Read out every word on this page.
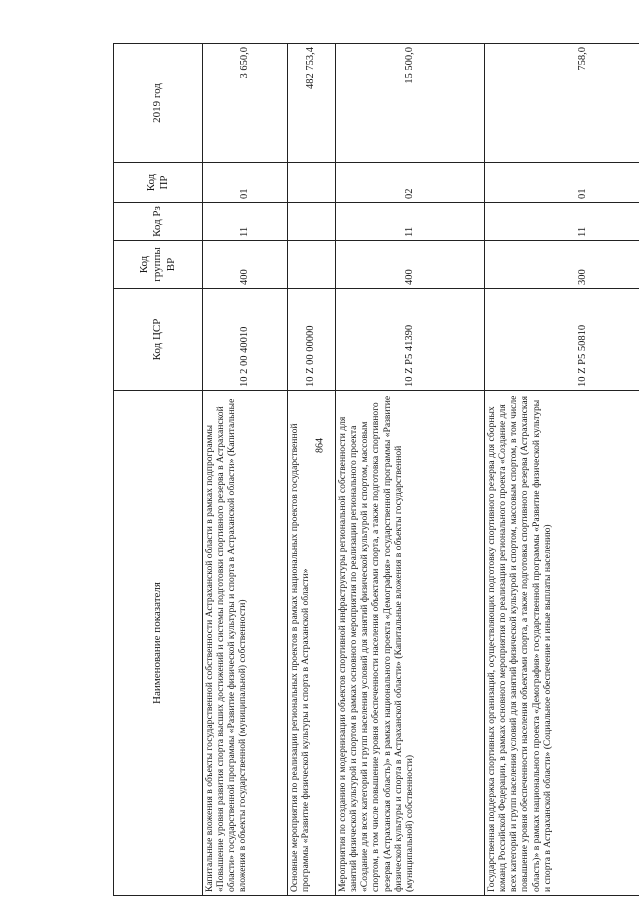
864
Наименование показателя	Код ЦСР	Код группы ВР	Код Рз	Код ПР	2019 год
Капитальные вложения в объекты государственной собственности Астраханской области в рамках подпрограммы «Повышение уровня развития спорта высших достижений и системы подготовки спортивного резерва в Астраханской области» государственной программы «Развитие физической культуры и спорта в Астраханской области» (Капитальные вложения в объекты государственной (муниципальной) собственности)	10 2 00 40010	400	11	01	3 650,0
Основные мероприятия по реализации региональных проектов в рамках национальных проектов государственной программы «Развитие физической культуры и спорта в Астраханской области»	10 Z 00 00000				482 753,4
Мероприятия по созданию и модернизации объектов спортивной инфраструктуры региональной собственности для занятий физической культурой и спортом в рамках основного мероприятия по реализации регионального проекта «Создание для всех категорий и групп населения условий для занятий физической культурой и спортом, массовым спортом, в том числе повышение уровня обеспеченности населения объектами спорта, а также подготовка спортивного резерва (Астраханская область)» в рамках национального проекта «Демография» государственной программы «Развитие физической культуры и спорта в Астраханской области» (Капитальные вложения в объекты государственной (муниципальной) собственности)	10 Z P5 41390	400	11	02	15 500,0
Государственная поддержка спортивных организаций, осуществляющих подготовку спортивного резерва для сборных команд Российской Федерации, в рамках основного мероприятия по реализации регионального проекта «Создание для всех категорий и групп населения условий для занятий физической культурой и спортом, массовым спортом, в том числе повышение уровня обеспеченности населения объектами спорта, а также подготовка спортивного резерва (Астраханская область)» в рамках национального проекта «Демография» государственной программы «Развитие физической культуры и спорта в Астраханской области» (Социальное обеспечение и иные выплаты населению)	10 Z P5 50810	300	11	01	758,0
